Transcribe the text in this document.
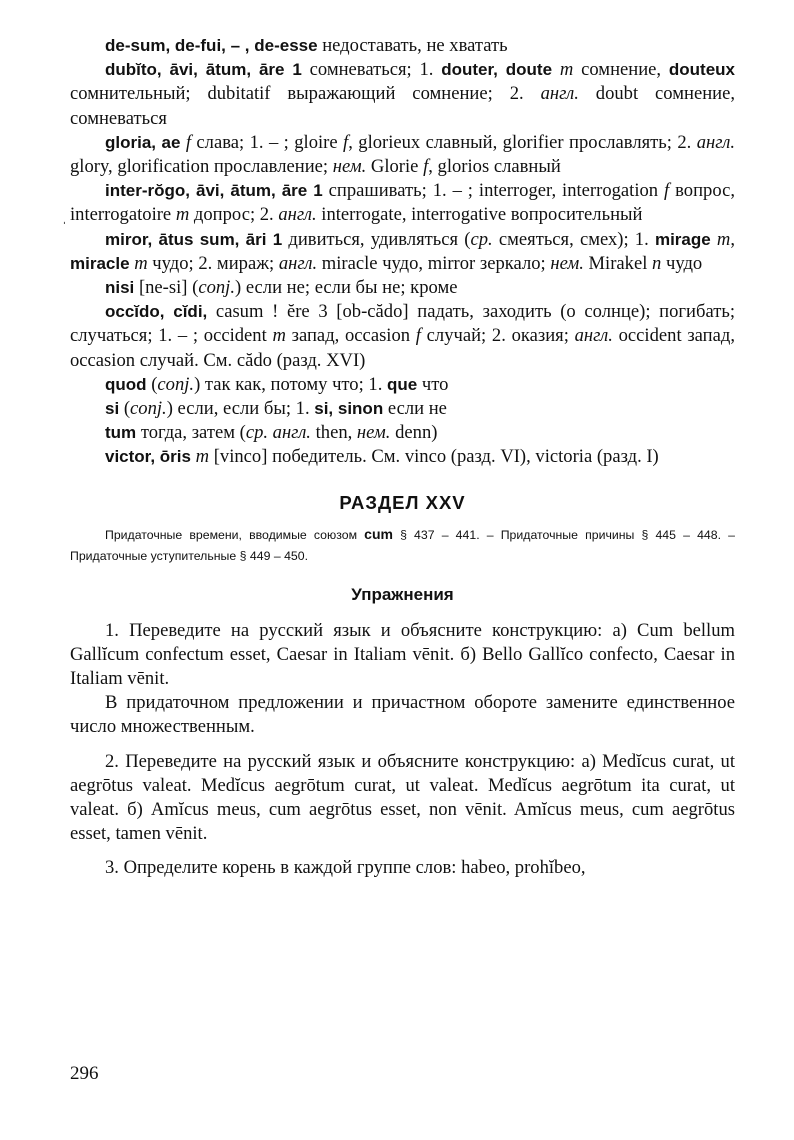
ˌ

de-sum, de-fui, – , de-esse недоставать, не хватать

dubĭto, āvi, ātum, āre 1 сомневаться; 1. douter, doute m сомнение, douteux сомнительный; dubitatif выражающий сомнение; 2. англ. doubt сомнение, сомневаться

gloria, ae f слава; 1. – ; gloire f, glorieux славный, glorifier прославлять; 2. англ. glory, glorification прославление; нем. Glorie f, glorios славный

inter-rŏgo, āvi, ātum, āre 1 спрашивать; 1. – ; interroger, interrogation f вопрос, interrogatoire m допрос; 2. англ. interrogate, interrogative вопросительный

miror, ātus sum, āri 1 дивиться, удивляться (ср. смеяться, смех); 1. mirage m, miracle m чудо; 2. мираж; англ. miracle чудо, mirror зеркало; нем. Mirakel n чудо

nisi [ne-si] (conj.) если не; если бы не; кроме

occĭdo, cĭdi, casum ! ĕre 3 [ob-cădo] падать, заходить (о солнце); погибать; случаться; 1. – ; occident m запад, occasion f случай; 2. оказия; англ. occident запад, occasion случай. См. cădo (разд. XVI)

quod (conj.) так как, потому что; 1. que что

si (conj.) если, если бы; 1. si, sinon если не

tum тогда, затем (ср. англ. then, нем. denn)

victor, ōris m [vinco] победитель. См. vinco (разд. VI), victoria (разд. I)

РАЗДЕЛ XXV

Придаточные времени, вводимые союзом cum § 437 – 441. – Придаточные причины § 445 – 448. – Придаточные уступительные § 449 – 450.

Упражнения

1. Переведите на русский язык и объясните конструкцию: а) Cum bellum Gallĭcum confectum esset, Caesar in Italiam vēnit. б) Bello Gallĭco confecto, Caesar in Italiam vēnit.

В придаточном предложении и причастном обороте замените единственное число множественным.

2. Переведите на русский язык и объясните конструкцию: а) Medĭcus curat, ut aegrōtus valeat. Medĭcus aegrōtum curat, ut valeat. Medĭcus aegrōtum ita curat, ut valeat. б) Amĭcus meus, cum aegrōtus esset, non vēnit. Amĭcus meus, cum aegrōtus esset, tamen vēnit.

3. Определите корень в каждой группе слов: habeo, prohĭbeo,

296
